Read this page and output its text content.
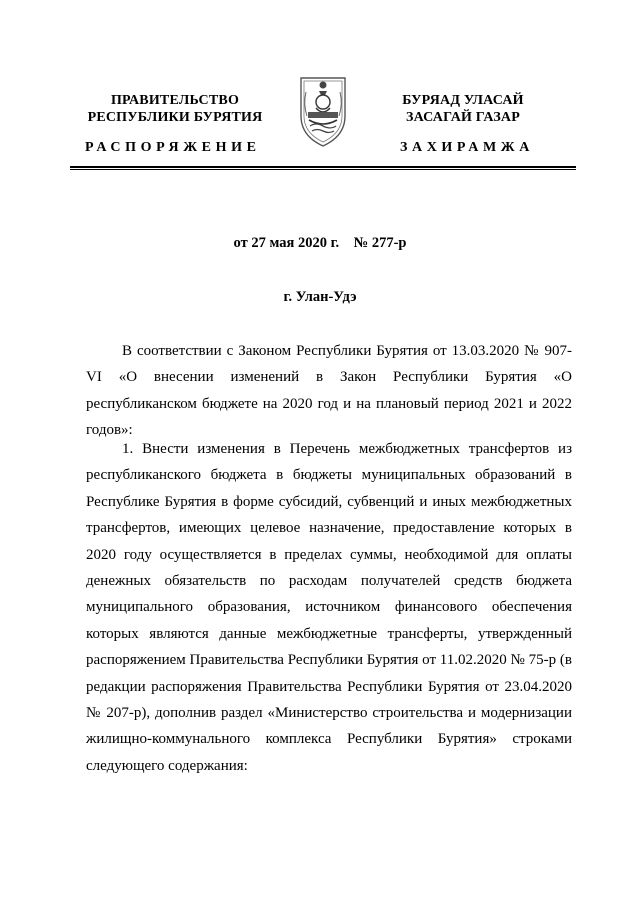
ПРАВИТЕЛЬСТВО
РЕСПУБЛИКИ БУРЯТИЯ
БУРЯАД УЛАСАЙ
ЗАСАГАЙ ГАЗАР
РАСПОРЯЖЕНИЕ	ЗАХИРАМЖА
от 27 мая 2020 г.    № 277-р
г. Улан-Удэ

В соответствии с Законом Республики Бурятия от 13.03.2020 № 907-VI «О внесении изменений в Закон Республики Бурятия «О республиканском бюджете на 2020 год и на плановый период 2021 и 2022 годов»:

1. Внести изменения в Перечень межбюджетных трансфертов из республиканского бюджета в бюджеты муниципальных образований в Республике Бурятия в форме субсидий, субвенций и иных межбюджетных трансфертов, имеющих целевое назначение, предоставление которых в 2020 году осуществляется в пределах суммы, необходимой для оплаты денежных обязательств по расходам получателей средств бюджета муниципального образования, источником финансового обеспечения которых являются данные межбюджетные трансферты, утвержденный распоряжением Правительства Республики Бурятия от 11.02.2020 № 75-р (в редакции распоряжения Правительства Республики Бурятия от 23.04.2020 № 207-р), дополнив раздел «Министерство строительства и модернизации жилищно-коммунального комплекса Республики Бурятия» строками следующего содержания:
